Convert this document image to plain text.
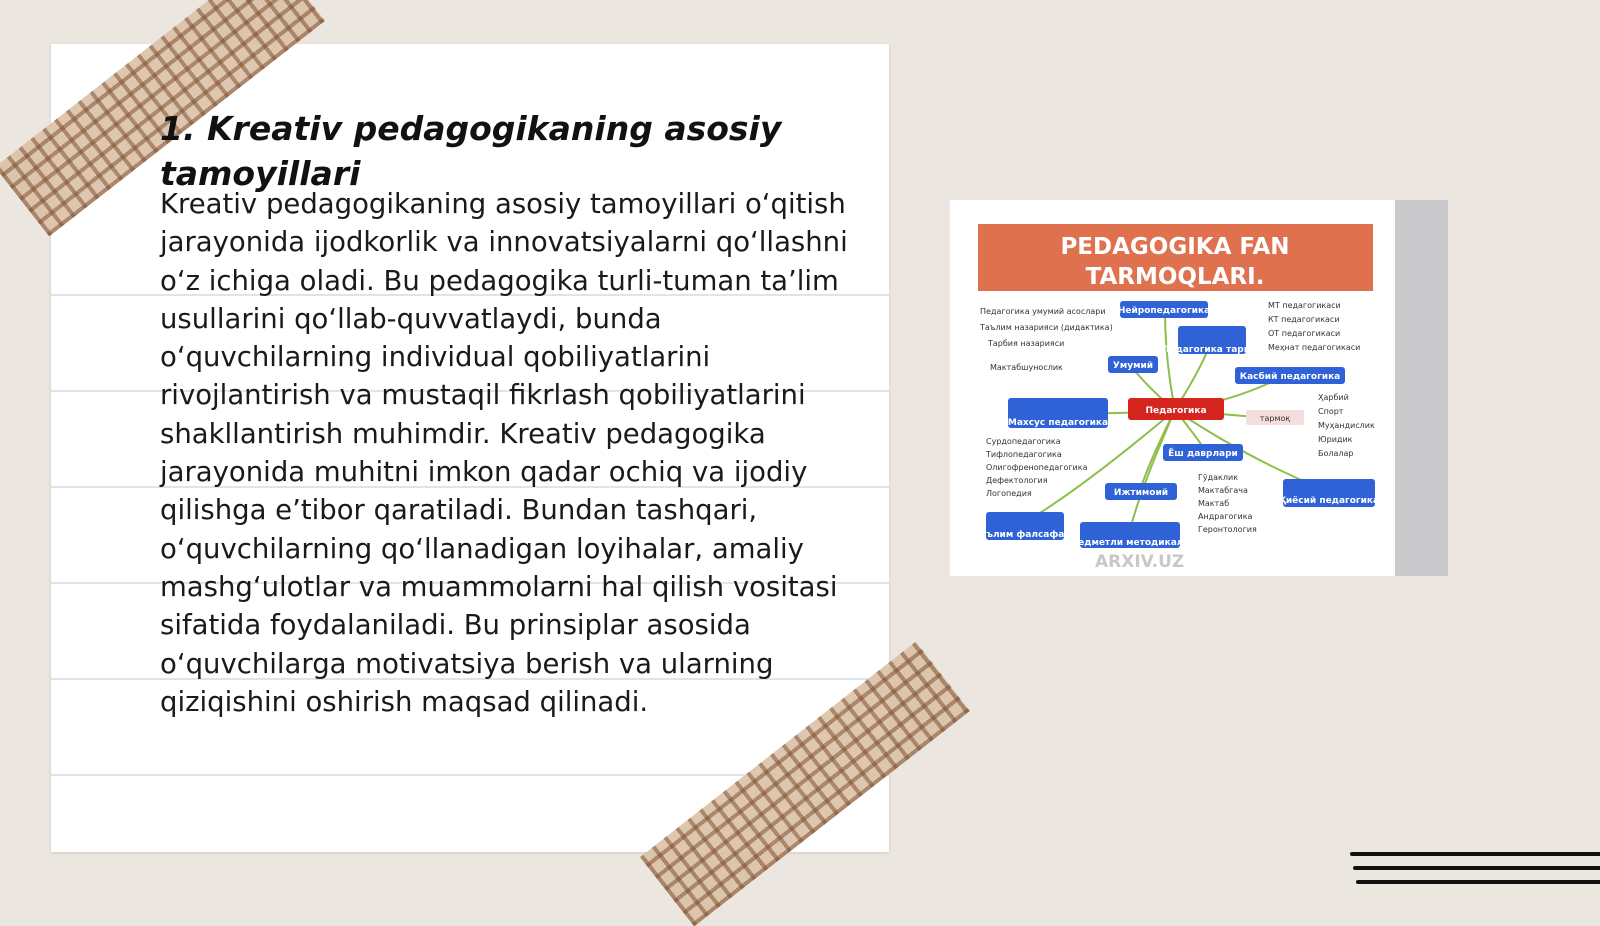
1. Kreativ pedagogikaning asosiy tamoyillari

Kreativ pedagogikaning asosiy tamoyillari o‘qitish jarayonida ijodkorlik va innovatsiyalarni qo‘llashni o‘z ichiga oladi. Bu pedagogika turli-tuman ta’lim usullarini qo‘llab-quvvatlaydi, bunda o‘quvchilarning individual qobiliyatlarini rivojlantirish va mustaqil fikrlash qobiliyatlarini shakllantirish muhimdir. Kreativ pedagogika jarayonida muhitni imkon qadar ochiq va ijodiy qilishga e’tibor qaratiladi. Bundan tashqari, o‘quvchilarning qo‘llanadigan loyihalar, amaliy mashg‘ulotlar va muammolarni hal qilish vositasi sifatida foydalaniladi. Bu prinsiplar asosida o‘quvchilarga motivatsiya berish va ularning qiziqishini oshirish maqsad qilinadi.

PEDAGOGIKA FAN
TARMOQLARI.
Педагогика умумий асослари
Таълим назарияси (дидактика)
Тарбия назарияси
Мактабшунослик
МТ педагогикаси
КТ педагогикаси
ОТ педагогикаси
Меҳнат педагогикаси
Нейропедагогика
Педагогика тарихи
Умумий
Касбий педагогика
Педагогика
Махсус педагогика	тармоқ
Ҳарбий
Спорт
Муҳандислик
Юридик
Болалар
Сурдопедагогика
Тифлопедагогика
Олигофренопедагогика
Дефектология
Логопедия
Ёш даврлари
Гўдаклик
Мактабгача
Мактаб
Андрагогика
Геронтология
Ижтимоий
Қиёсий педагогика
Таълим фалсафаси
Предметли методикалар
ARXIV.UZ
